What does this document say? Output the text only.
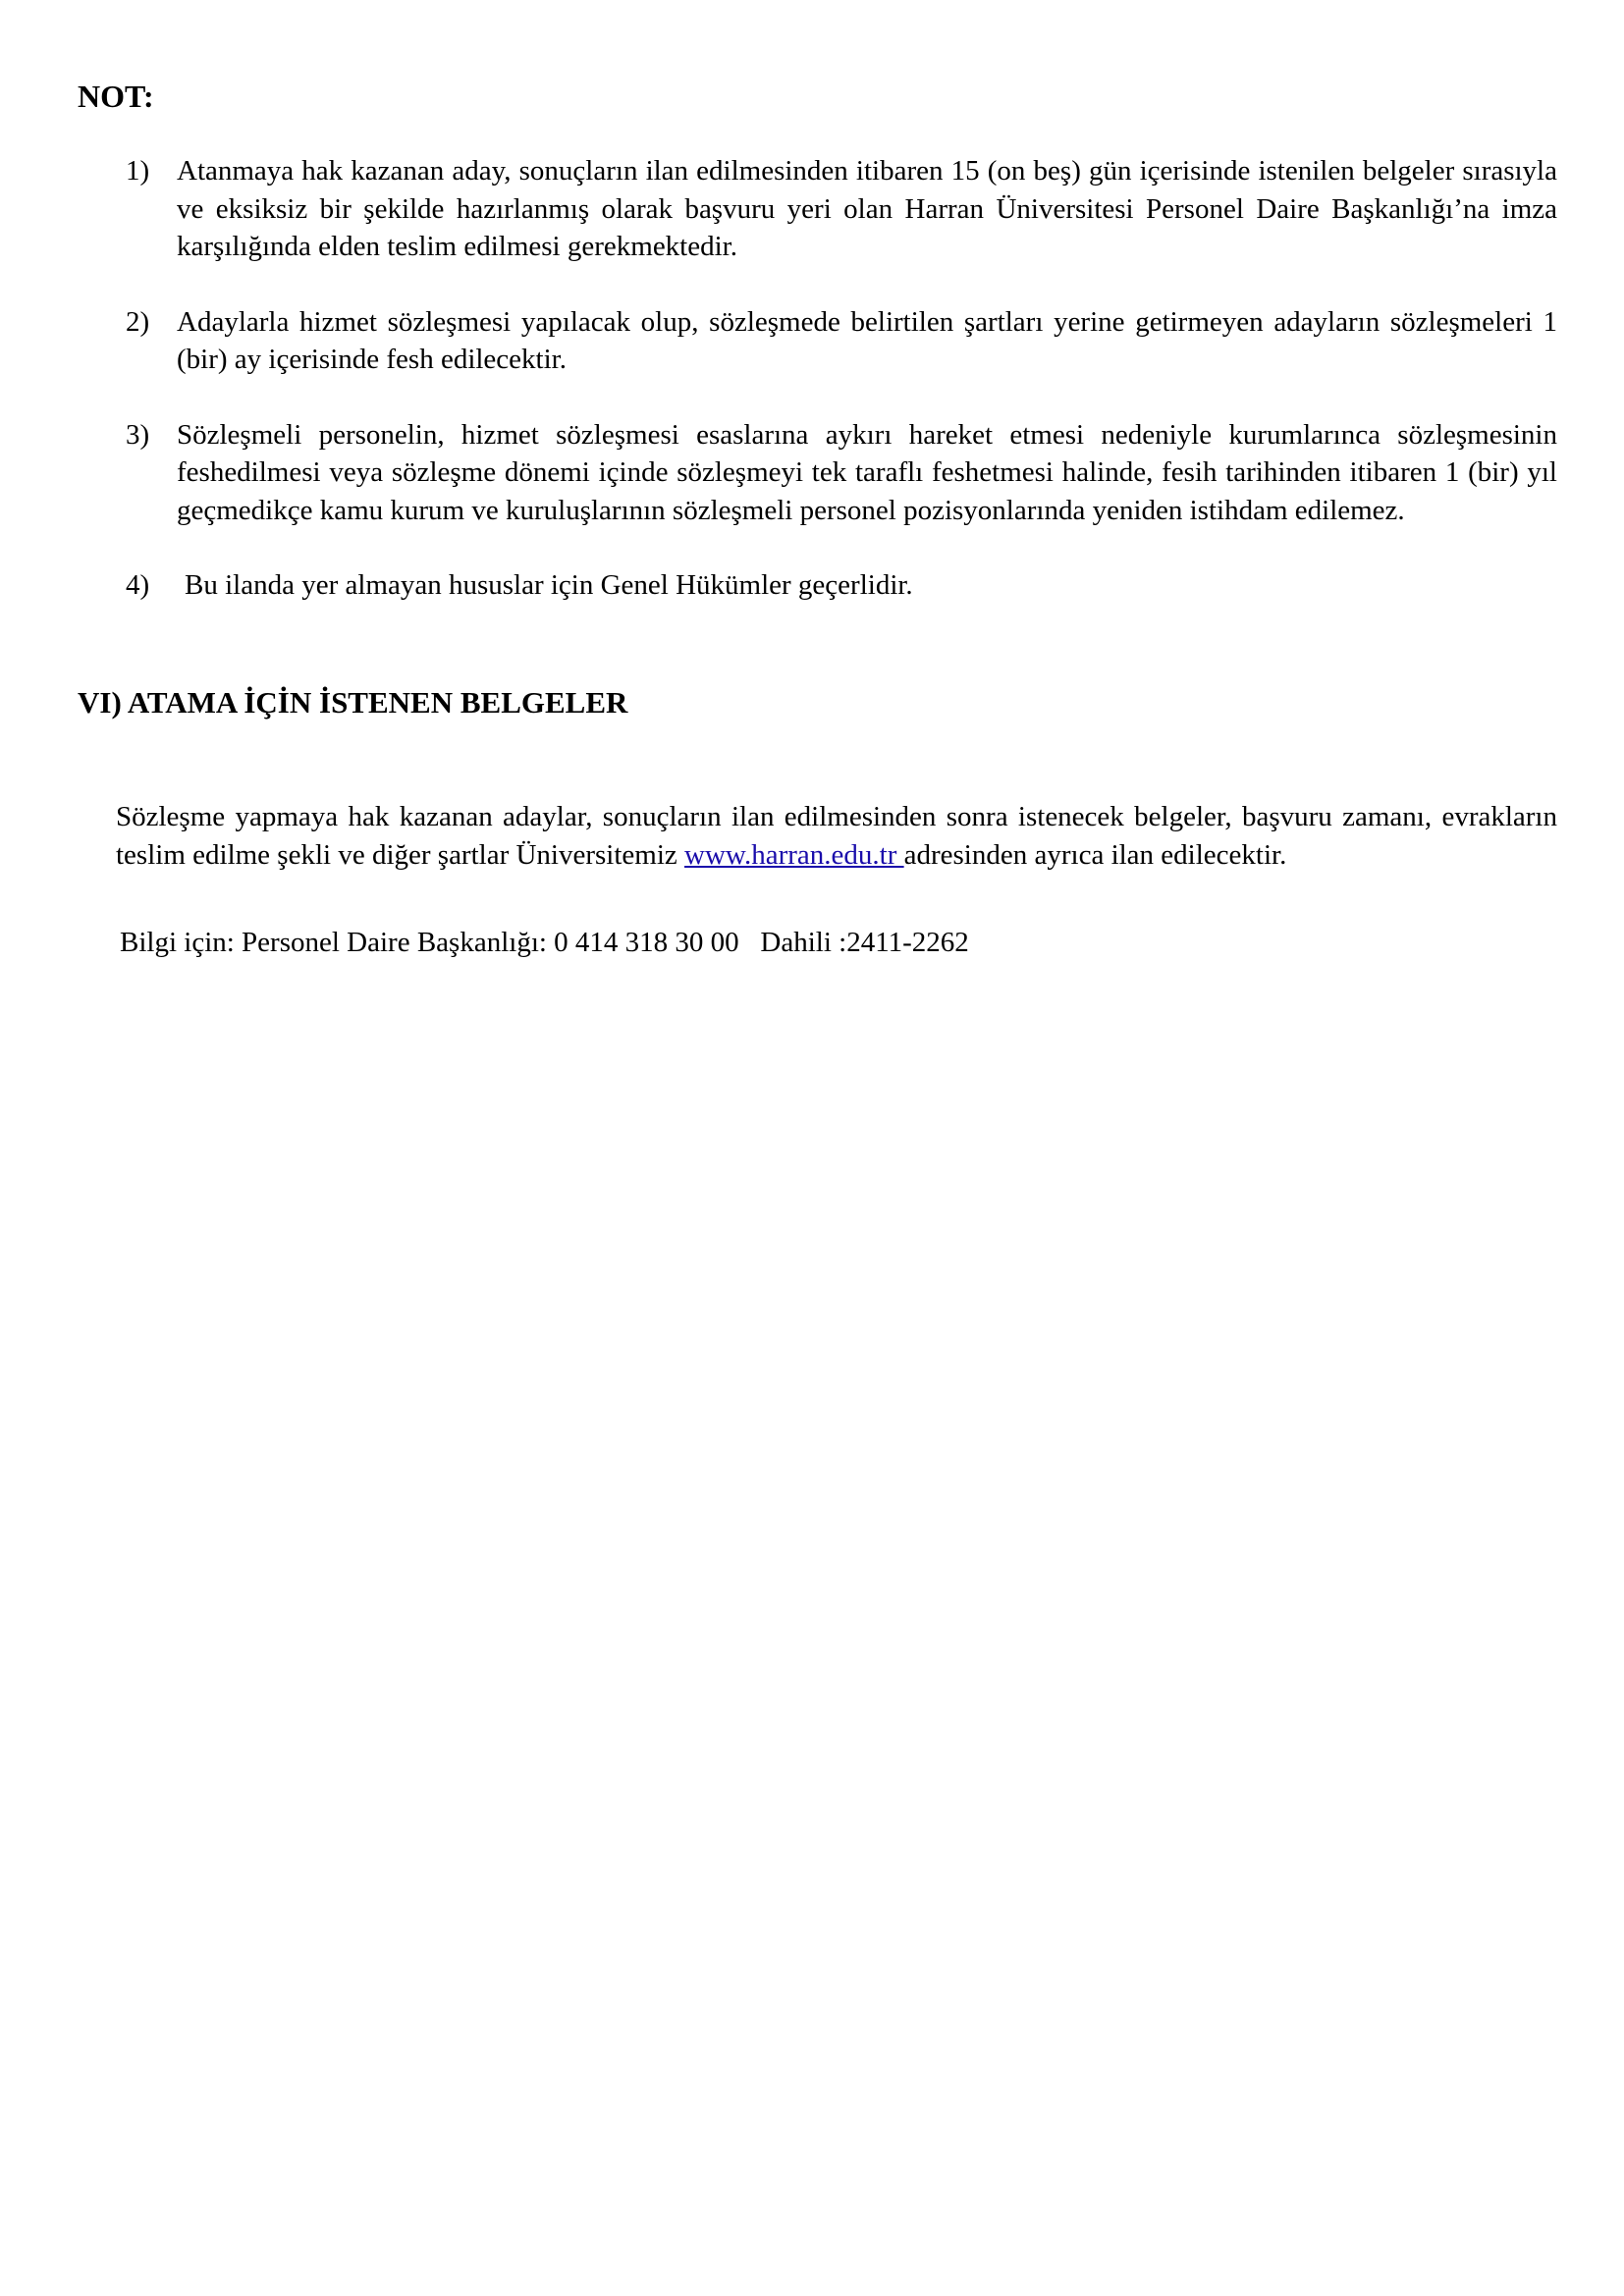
NOT:
1) Atanmaya hak kazanan aday, sonuçların ilan edilmesinden itibaren 15 (on beş) gün içerisinde istenilen belgeler sırasıyla ve eksiksiz bir şekilde hazırlanmış olarak başvuru yeri olan Harran Üniversitesi Personel Daire Başkanlığı’na imza karşılığında elden teslim edilmesi gerekmektedir.
2) Adaylarla hizmet sözleşmesi yapılacak olup, sözleşmede belirtilen şartları yerine getirmeyen adayların sözleşmeleri 1 (bir) ay içerisinde fesh edilecektir.
3) Sözleşmeli personelin, hizmet sözleşmesi esaslarına aykırı hareket etmesi nedeniyle kurumlarınca sözleşmesinin feshedilmesi veya sözleşme dönemi içinde sözleşmeyi tek taraflı feshetmesi halinde, fesih tarihinden itibaren 1 (bir) yıl geçmedikçe kamu kurum ve kuruluşlarının sözleşmeli personel pozisyonlarında yeniden istihdam edilemez.
4) Bu ilanda yer almayan hususlar için Genel Hükümler geçerlidir.
VI) ATAMA İÇİN İSTENEN BELGELER

Sözleşme yapmaya hak kazanan adaylar, sonuçların ilan edilmesinden sonra istenecek belgeler, başvuru zamanı, evrakların teslim edilme şekli ve diğer şartlar Üniversitemiz www.harran.edu.tr adresinden ayrıca ilan edilecektir.

Bilgi için: Personel Daire Başkanlığı: 0 414 318 30 00   Dahili :2411-2262
